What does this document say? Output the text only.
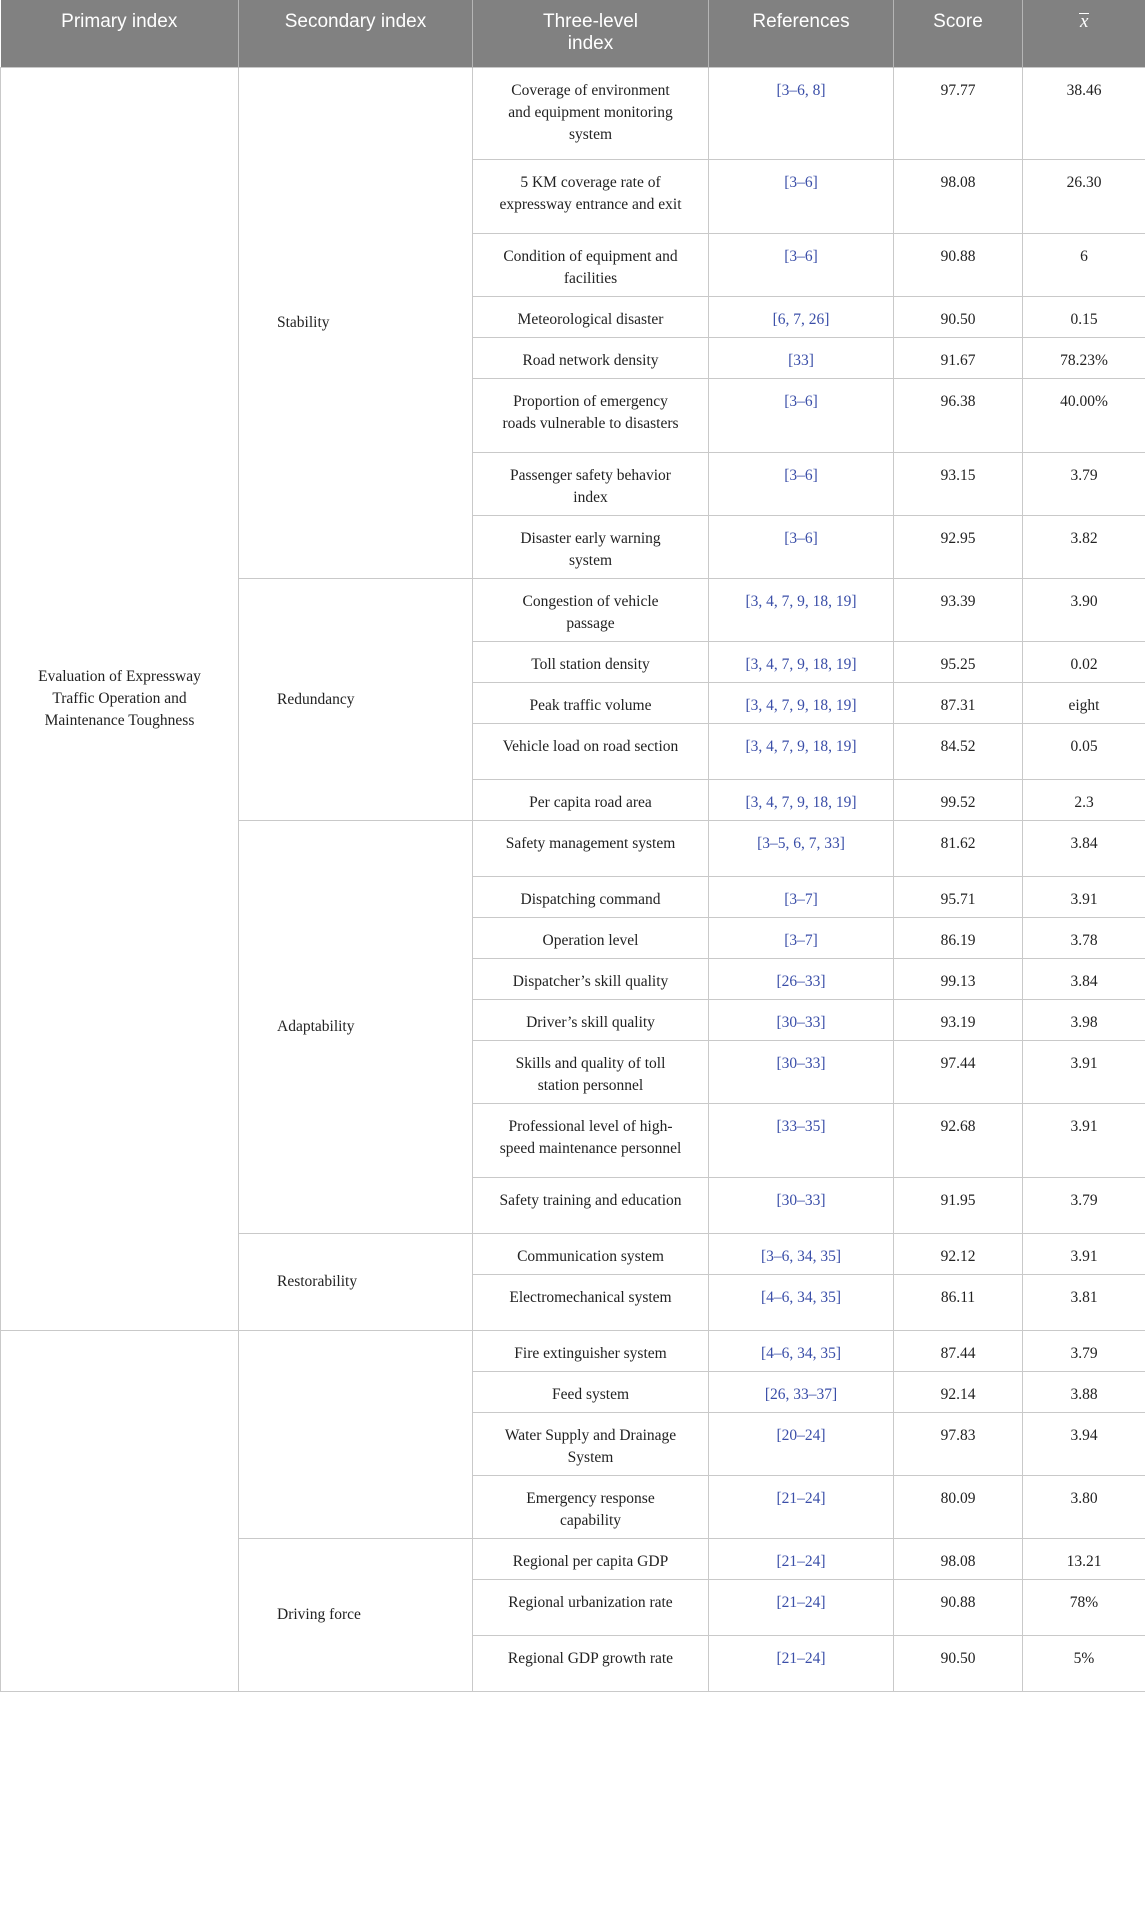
Primary index	Secondary index	Three-level index	References	Score	x

Evaluation of Expressway Traffic Operation and Maintenance Toughness	Stability	Coverage of environment and equipment monitoring system	[3–6, 8]	97.77	38.46

		5 KM coverage rate of expressway entrance and exit	[3–6]	98.08	26.30

		Condition of equipment and facilities	[3–6]	90.88	6

		Meteorological disaster	[6, 7, 26]	90.50	0.15

		Road network density	[33]	91.67	78.23%

		Proportion of emergency roads vulnerable to disasters	[3–6]	96.38	40.00%

		Passenger safety behavior index	[3–6]	93.15	3.79

		Disaster early warning system	[3–6]	92.95	3.82

	Redundancy	Congestion of vehicle passage	[3, 4, 7, 9, 18, 19]	93.39	3.90

		Toll station density	[3, 4, 7, 9, 18, 19]	95.25	0.02

		Peak traffic volume	[3, 4, 7, 9, 18, 19]	87.31	eight

		Vehicle load on road section	[3, 4, 7, 9, 18, 19]	84.52	0.05

		Per capita road area	[3, 4, 7, 9, 18, 19]	99.52	2.3

	Adaptability	Safety management system	[3–5, 6, 7, 33]	81.62	3.84

		Dispatching command	[3–7]	95.71	3.91

		Operation level	[3–7]	86.19	3.78

		Dispatcher’s skill quality	[26–33]	99.13	3.84

		Driver’s skill quality	[30–33]	93.19	3.98

		Skills and quality of toll station personnel	[30–33]	97.44	3.91

		Professional level of high-speed maintenance personnel	[33–35]	92.68	3.91

		Safety training and education	[30–33]	91.95	3.79

	Restorability	Communication system	[3–6, 34, 35]	92.12	3.91

		Electromechanical system	[4–6, 34, 35]	86.11	3.81

		Fire extinguisher system	[4–6, 34, 35]	87.44	3.79

		Feed system	[26, 33–37]	92.14	3.88

		Water Supply and Drainage System	[20–24]	97.83	3.94

		Emergency response capability	[21–24]	80.09	3.80

	Driving force	Regional per capita GDP	[21–24]	98.08	13.21

		Regional urbanization rate	[21–24]	90.88	78%

		Regional GDP growth rate	[21–24]	90.50	5%
